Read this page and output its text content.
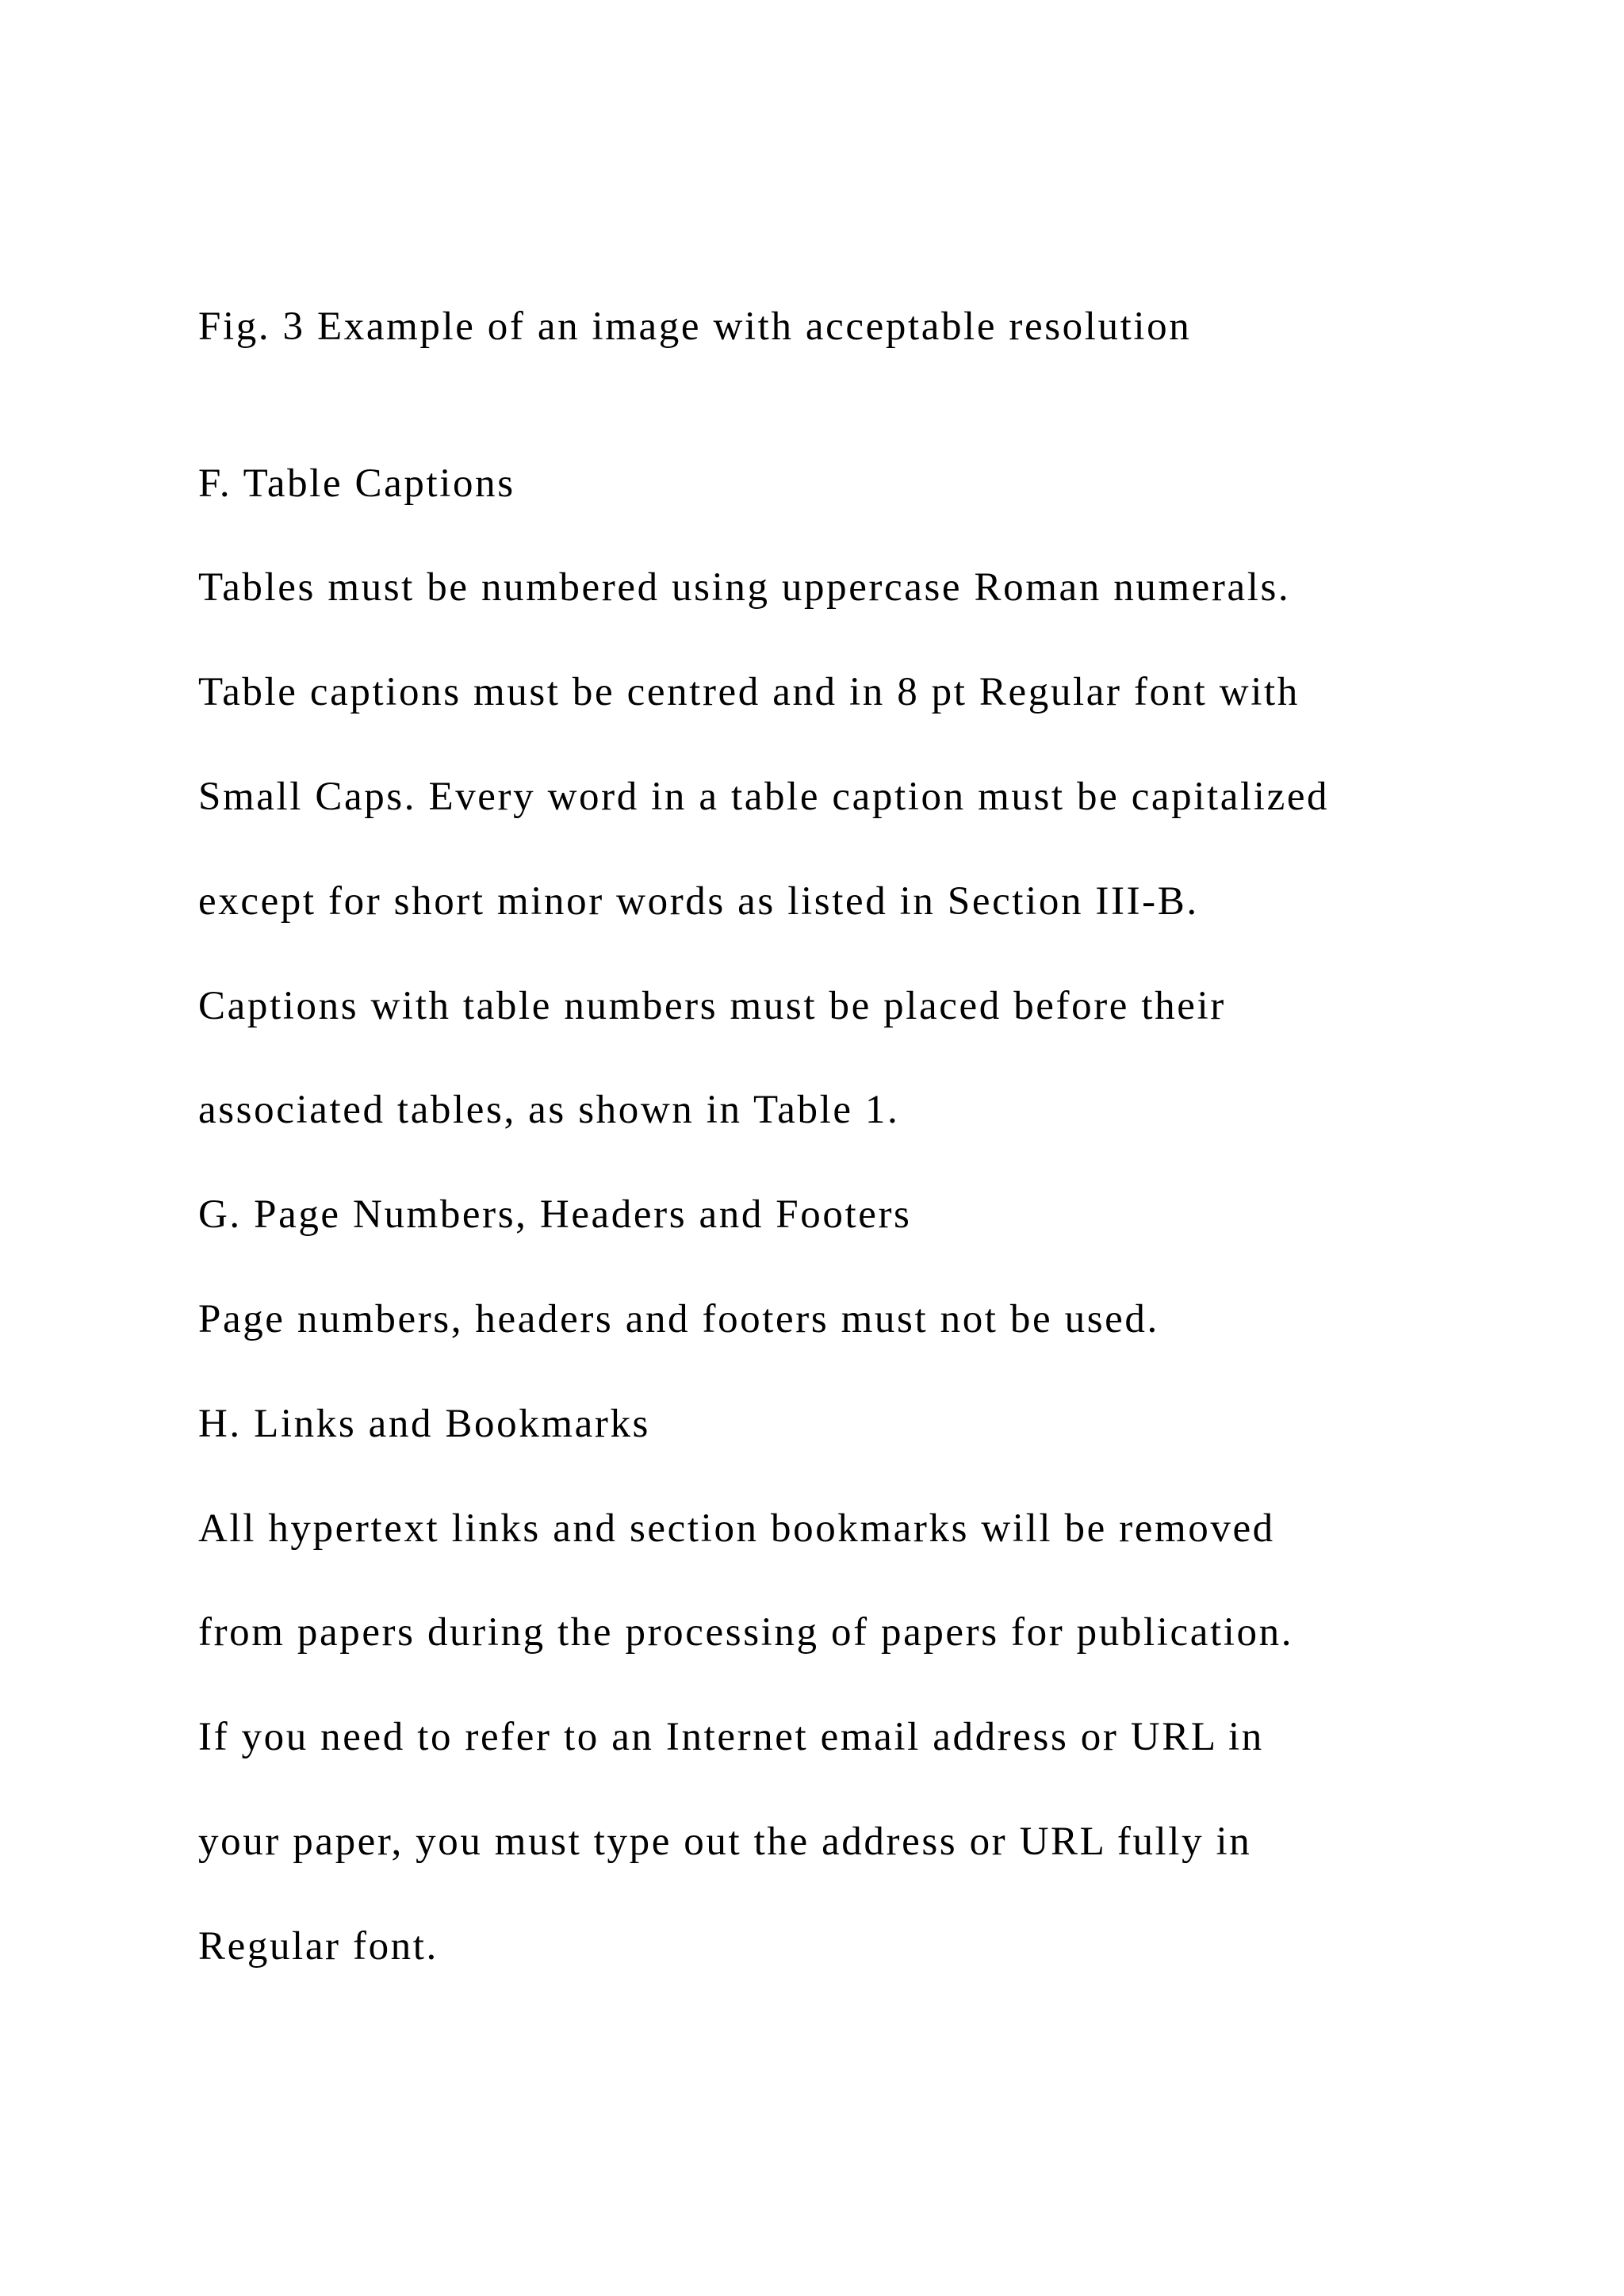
Fig. 3 Example of an image with acceptable resolution

F. Table Captions

Tables must be numbered using uppercase Roman numerals.

Table captions must be centred and in 8 pt Regular font with

Small Caps. Every word in a table caption must be capitalized

except for short minor words as listed in Section III-B.

Captions with table numbers must be placed before their

associated tables, as shown in Table 1.

G. Page Numbers, Headers and Footers

Page numbers, headers and footers must not be used.

H. Links and Bookmarks

All hypertext links and section bookmarks will be removed

from papers during the processing of papers for publication.

If you need to refer to an Internet email address or URL in

your paper, you must type out the address or URL fully in

Regular font.
